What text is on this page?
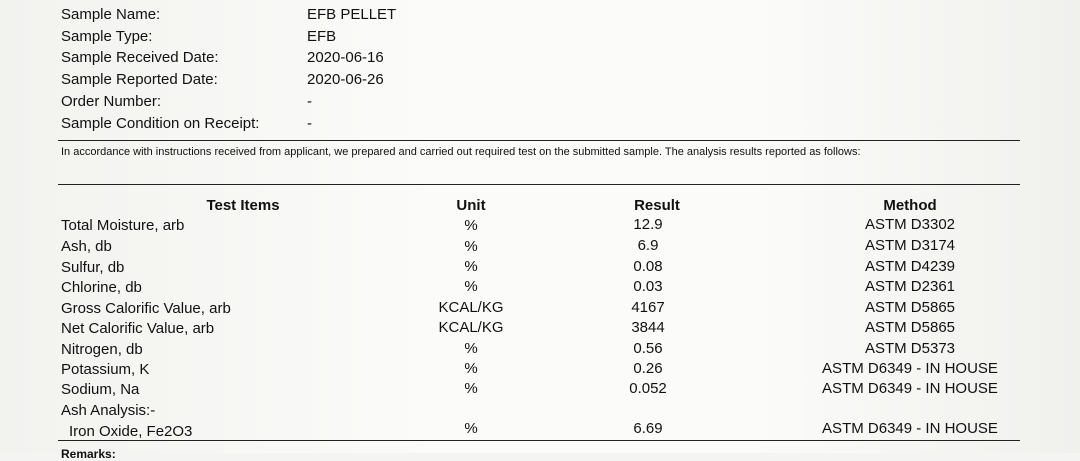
Sample Name:	EFB PELLET
Sample Type:	EFB
Sample Received Date:	2020-06-16
Sample Reported Date:	2020-06-26
Order Number:	-
Sample Condition on Receipt:	-
In accordance with instructions received from applicant, we prepared and carried out required test on the submitted sample. The analysis results reported as follows:
Test Items	Unit	Result	Method
Total Moisture, arb	%	12.9	ASTM D3302
Ash, db	%	6.9	ASTM D3174
Sulfur, db	%	0.08	ASTM D4239
Chlorine, db	%	0.03	ASTM D2361
Gross Calorific Value, arb	KCAL/KG	4167	ASTM D5865
Net Calorific Value, arb	KCAL/KG	3844	ASTM D5865
Nitrogen, db	%	0.56	ASTM D5373
Potassium, K	%	0.26	ASTM D6349 - IN HOUSE
Sodium, Na	%	0.052	ASTM D6349 - IN HOUSE
Ash Analysis:-
Iron Oxide, Fe2O3	%	6.69	ASTM D6349 - IN HOUSE
Remarks:
